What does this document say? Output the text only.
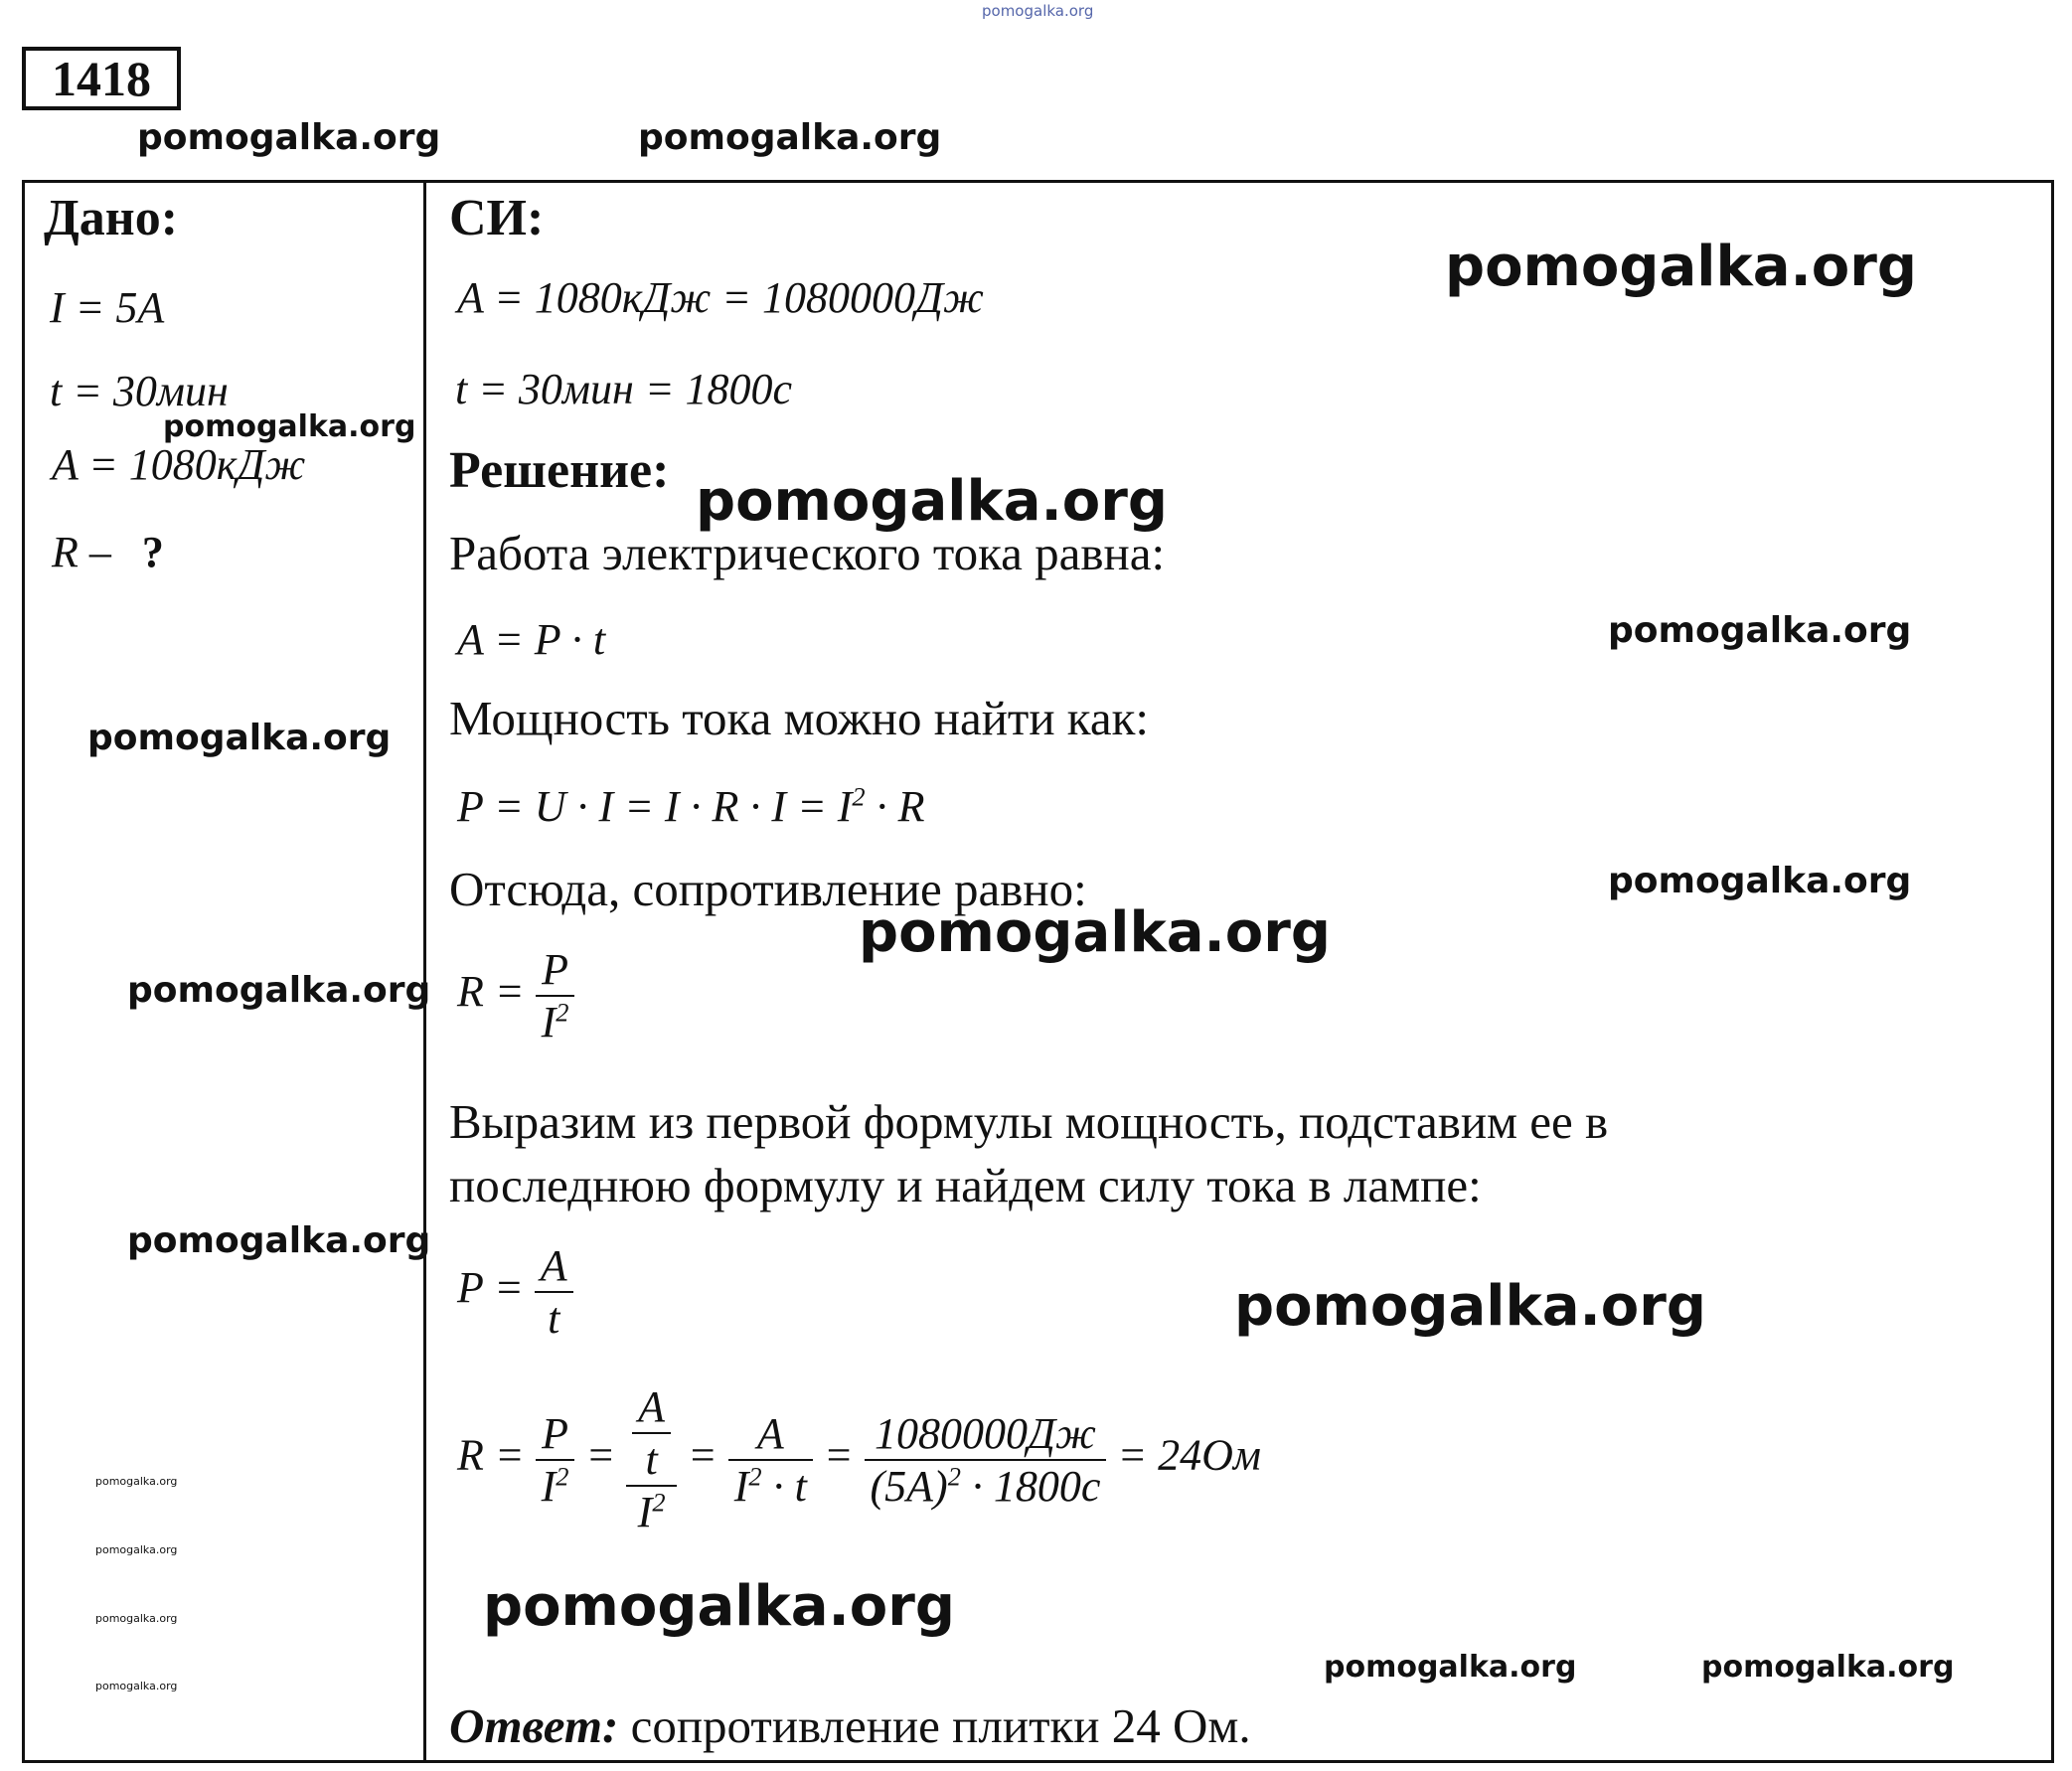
pomogalka.org
1418
pomogalka.org	pomogalka.org
Дано:
I = 5A
t = 30мин
A = 1080кДж
R – ?
pomogalka.org
pomogalka.org
pomogalka.org
pomogalka.org
pomogalka.org
pomogalka.org
pomogalka.org
pomogalka.org
СИ:
A = 1080кДж = 1080000Дж
t = 30мин = 1800с
pomogalka.org
Решение: pomogalka.org
Работа электрического тока равна:
A = P · t	pomogalka.org
Мощность тока можно найти как:
$P = U \cdot I = I \cdot R \cdot I = I^2 \cdot R$
Отсюда, сопротивление равно:	pomogalka.org
pomogalka.org
$R = \frac{P}{I^2}$
Выразим из первой формулы мощность, подставим ее в
последнюю формулу и найдем силу тока в лампе:
$P = \frac{A}{t}$	pomogalka.org
$R = \frac{P}{I^2} = \frac{\frac{A}{t}}{I^2} = \frac{A}{I^2 \cdot t} = \frac{1080000Дж}{(5A)^2 \cdot 1800с} = 24Ом$
pomogalka.org
pomogalka.org	pomogalka.org
Ответ: сопротивление плитки 24 Ом.
